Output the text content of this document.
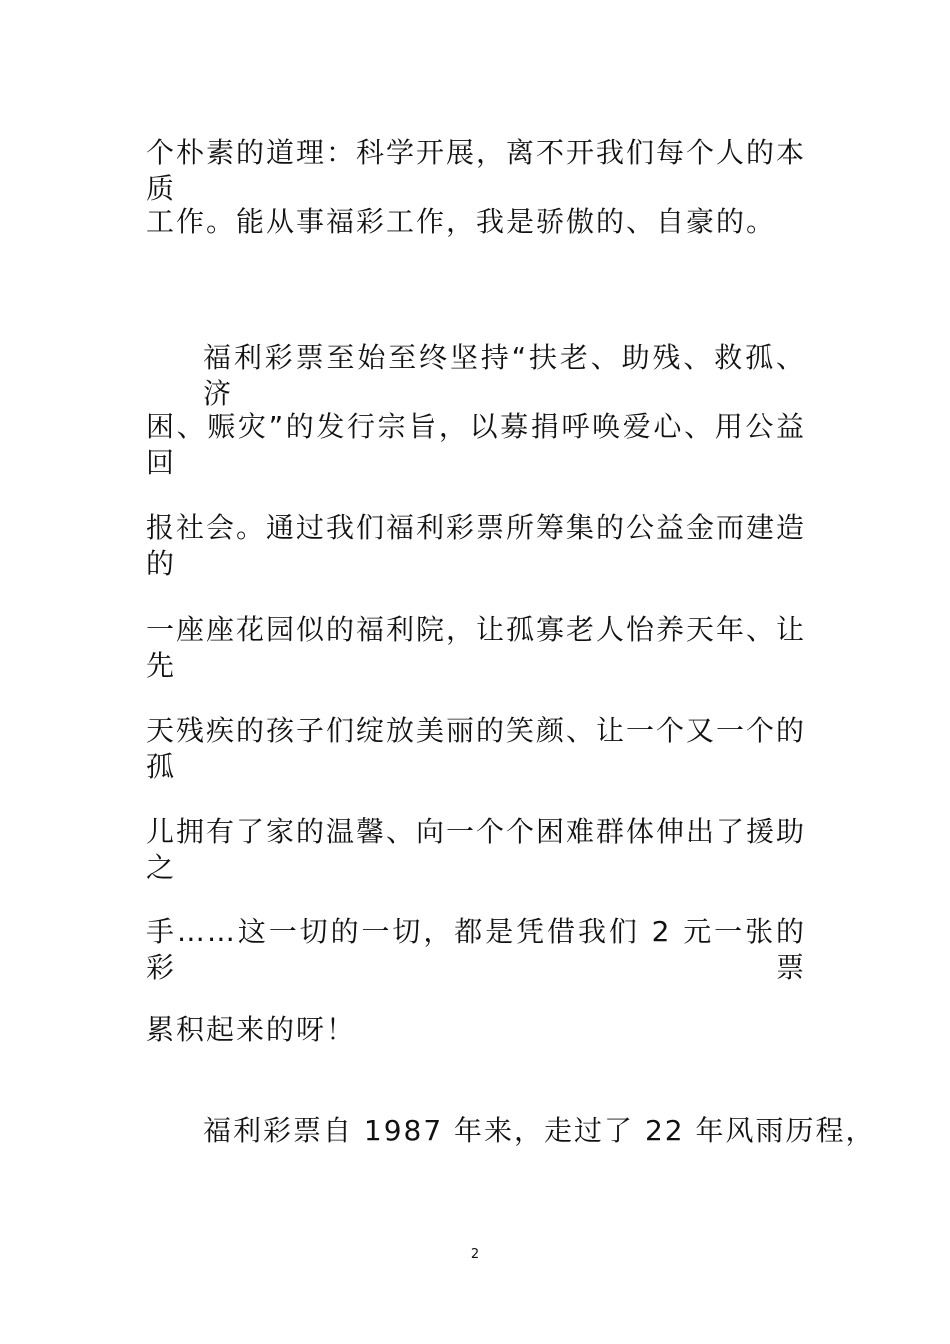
个朴素的道理：科学开展，离不开我们每个人的本质
工作。能从事福彩工作，我是骄傲的、自豪的。
福利彩票至始至终坚持“扶老、助残、救孤、济
困、赈灾”的发行宗旨，以募捐呼唤爱心、用公益回
报社会。通过我们福利彩票所筹集的公益金而建造的
一座座花园似的福利院，让孤寡老人怡养天年、让先
天残疾的孩子们绽放美丽的笑颜、让一个又一个的孤
儿拥有了家的温馨、向一个个困难群体伸出了援助之
手……这一切的一切，都是凭借我们 2 元一张的彩票
累积起来的呀！
福利彩票自 1987 年来，走过了 22 年风雨历程，
2
